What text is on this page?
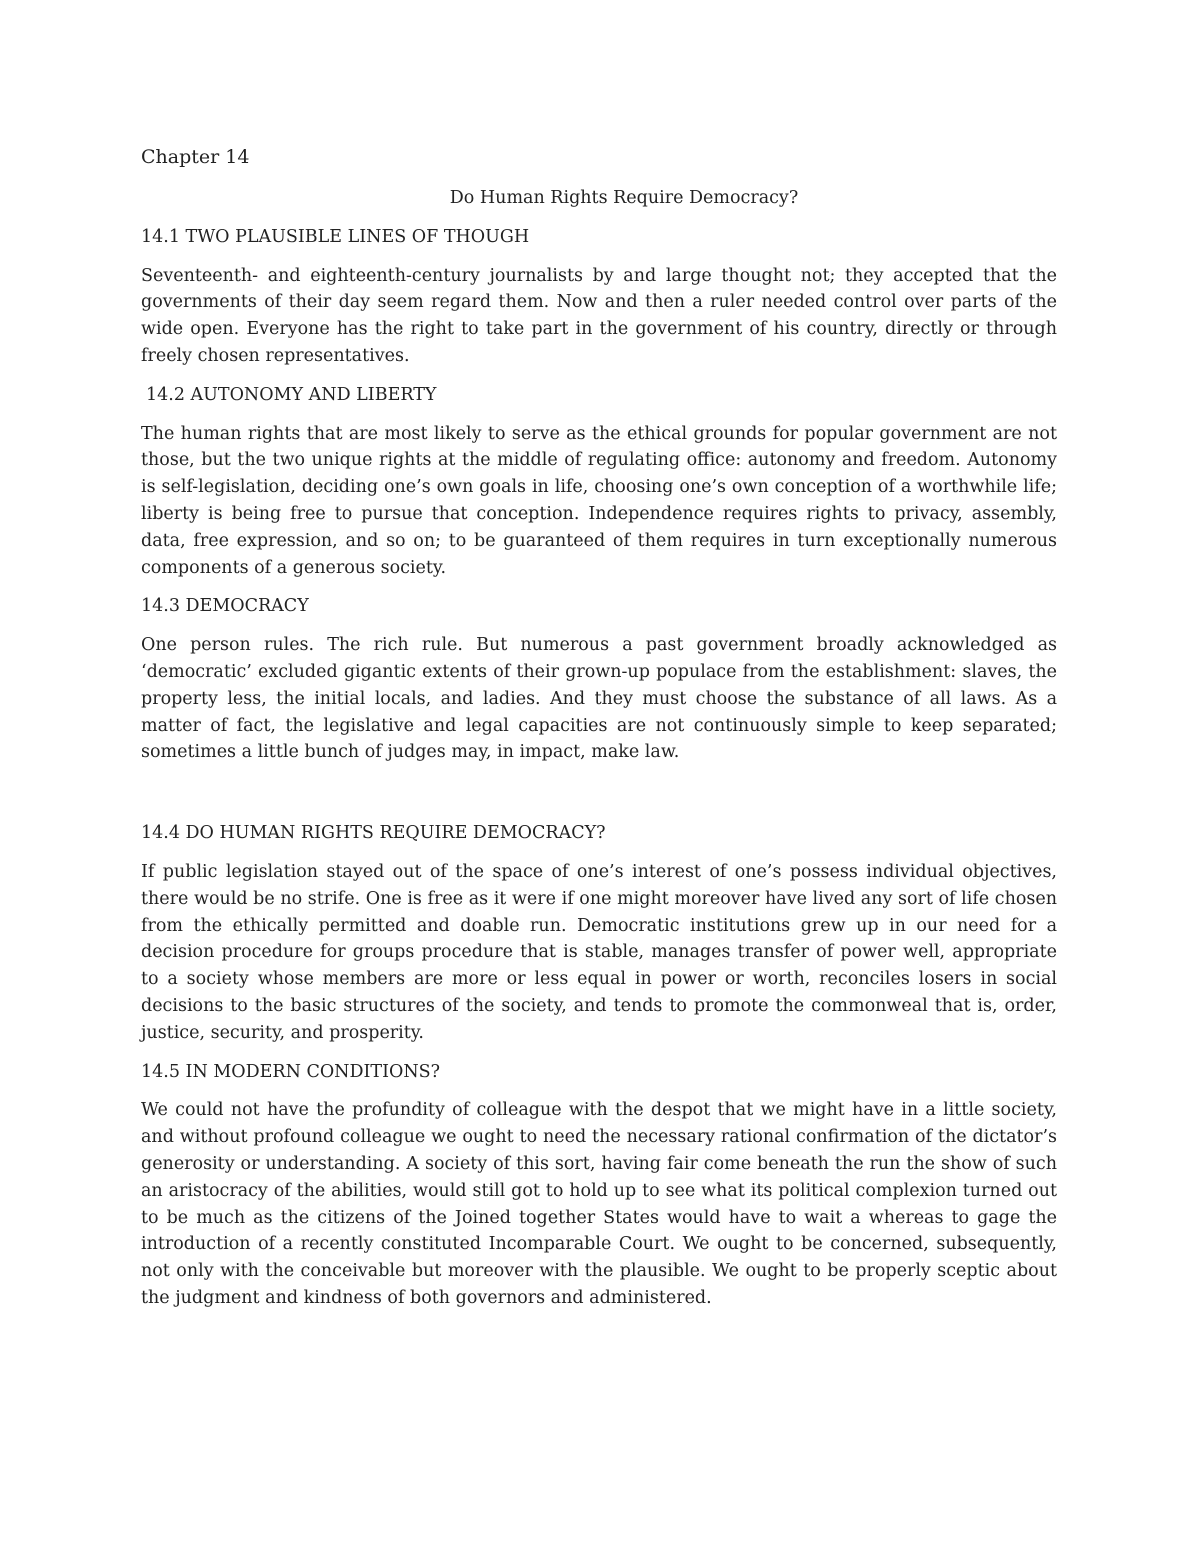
Chapter 14

Do Human Rights Require Democracy?

14.1 TWO PLAUSIBLE LINES OF THOUGH

Seventeenth- and eighteenth-century journalists by and large thought not; they accepted that the governments of their day seem regard them. Now and then a ruler needed control over parts of the wide open. Everyone has the right to take part in the government of his country, directly or through freely chosen representatives.

14.2 AUTONOMY AND LIBERTY

The human rights that are most likely to serve as the ethical grounds for popular government are not those, but the two unique rights at the middle of regulating office: autonomy and freedom. Autonomy is self-legislation, deciding one’s own goals in life, choosing one’s own conception of a worthwhile life; liberty is being free to pursue that conception. Independence requires rights to privacy, assembly, data, free expression, and so on; to be guaranteed of them requires in turn exceptionally numerous components of a generous society.

14.3 DEMOCRACY

One person rules. The rich rule. But numerous a past government broadly acknowledged as ‘democratic’ excluded gigantic extents of their grown-up populace from the establishment: slaves, the property less, the initial locals, and ladies. And they must choose the substance of all laws. As a matter of fact, the legislative and legal capacities are not continuously simple to keep separated; sometimes a little bunch of judges may, in impact, make law.

14.4 DO HUMAN RIGHTS REQUIRE DEMOCRACY?

If public legislation stayed out of the space of one’s interest of one’s possess individual objectives, there would be no strife. One is free as it were if one might moreover have lived any sort of life chosen from the ethically permitted and doable run. Democratic institutions grew up in our need for a decision procedure for groups procedure that is stable, manages transfer of power well, appropriate to a society whose members are more or less equal in power or worth, reconciles losers in social decisions to the basic structures of the society, and tends to promote the commonweal that is, order, justice, security, and prosperity.

14.5 IN MODERN CONDITIONS?

We could not have the profundity of colleague with the despot that we might have in a little society, and without profound colleague we ought to need the necessary rational confirmation of the dictator’s generosity or understanding. A society of this sort, having fair come beneath the run the show of such an aristocracy of the abilities, would still got to hold up to see what its political complexion turned out to be much as the citizens of the Joined together States would have to wait a whereas to gage the introduction of a recently constituted Incomparable Court. We ought to be concerned, subsequently, not only with the conceivable but moreover with the plausible. We ought to be properly sceptic about the judgment and kindness of both governors and administered.
